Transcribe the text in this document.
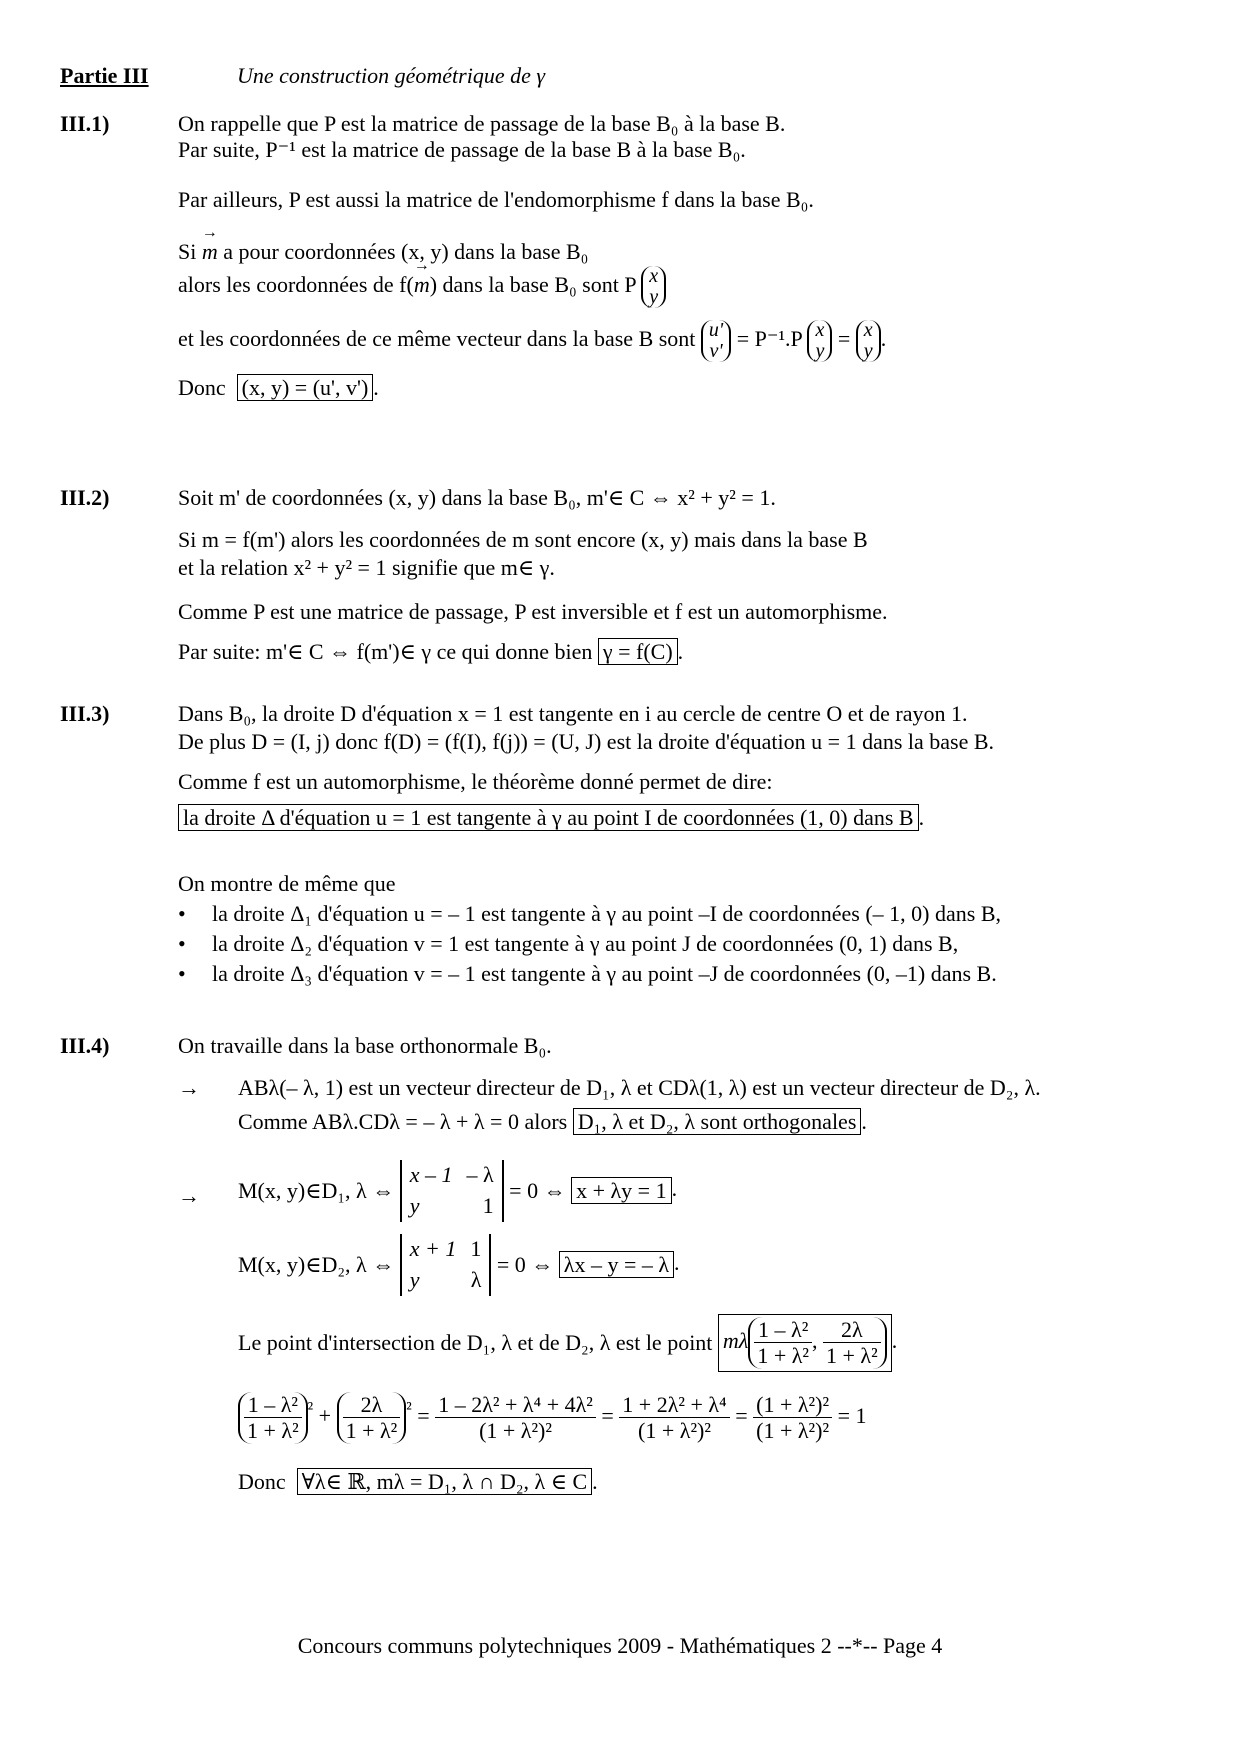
Partie III	Une construction géométrique de γ
III.1)	On rappelle que P est la matrice de passage de la base B₀ à la base B.
Par suite, P⁻¹ est la matrice de passage de la base B à la base B₀.
Par ailleurs, P est aussi la matrice de l'endomorphisme f dans la base B₀.
Si → m a pour coordonnées (x, y) dans la base B₀
alors les coordonnées de f(→ m) dans la base B₀ sont P x
y
et les coordonnées de ce même vecteur dans la base B sont u'
v' = P⁻¹.P x
y = x
y .
Donc (x, y) = (u', v') .
III.2)	Soit m' de coordonnées (x, y) dans la base B₀, m'∈ C ⇔ x² + y² = 1.
Si m = f(m') alors les coordonnées de m sont encore (x, y) mais dans la base B
et la relation x² + y² = 1 signifie que m∈ γ.
Comme P est une matrice de passage, P est inversible et f est un automorphisme.
Par suite: m'∈ C ⇔ f(m')∈ γ ce qui donne bien γ = f(C) .
III.3)	Dans B₀, la droite D d'équation x = 1 est tangente en i au cercle de centre O et de rayon 1.
De plus D = (I, j) donc f(D) = (f(I), f(j)) = (U, J) est la droite d'équation u = 1 dans la base B.
Comme f est un automorphisme, le théorème donné permet de dire:
la droite Δ d'équation u = 1 est tangente à γ au point I de coordonnées (1, 0) dans B .
On montre de même que
• la droite Δ₁ d'équation u = – 1 est tangente à γ au point –I de coordonnées (– 1, 0) dans B,
• la droite Δ₂ d'équation v = 1 est tangente à γ au point J de coordonnées (0, 1) dans B,
• la droite Δ₃ d'équation v = – 1 est tangente à γ au point –J de coordonnées (0, –1) dans B.
III.4)	On travaille dans la base orthonormale B₀.
→ ABλ(– λ, 1) est un vecteur directeur de D₁, λ et CDλ(1, λ) est un vecteur directeur de D₂, λ.
Comme ABλ.CDλ = – λ + λ = 0 alors D₁, λ et D₂, λ sont orthogonales .
→ M(x, y)∈D₁, λ ⇔
x – 1 – λ
y	1
= 0 ⇔ x + λy = 1 .
M(x, y)∈D₂, λ ⇔
x + 1 1
y λ
= 0 ⇔ λx – y = – λ .
Le point d'intersection de D₁, λ et de D₂, λ est le point mλ $\frac{\text{1 – λ²}}{\text{1 + λ²}}$ , $\frac{2\lambda}{\text{1 + λ²}}$ .
$\frac{\text{1 – λ²}}{\text{1 + λ²}} ^{^2} + \frac{2\lambda}{\text{1 + λ²}} ^{^2} = \frac{\text{1 – 2λ² + λ⁴ + 4λ²}}{\text{(1 + λ²)²}} = \frac{\text{1 + 2λ² + λ⁴}}{\text{(1 + λ²)²}} = \frac{\text{(1 + λ²)²}}{\text{(1 + λ²)²}} = 1$
Donc ∀λ∈ ℝ, mλ = D₁, λ ∩ D₂, λ ∈ C .
Concours communs polytechniques 2009 - Mathématiques 2 --*-- Page 4
